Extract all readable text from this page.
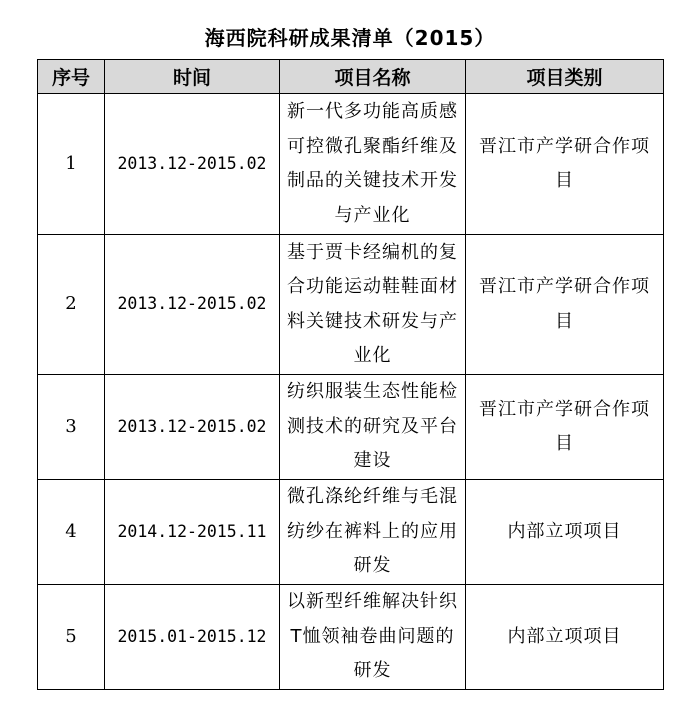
海西院科研成果清单（2015）
序号	时间	项目名称	项目类别
1	2013.12-2015.02	新一代多功能高质感可控微孔聚酯纤维及制品的关键技术开发与产业化	晋江市产学研合作项目
2	2013.12-2015.02	基于贾卡经编机的复合功能运动鞋鞋面材料关键技术研发与产业化	晋江市产学研合作项目
3	2013.12-2015.02	纺织服装生态性能检测技术的研究及平台建设	晋江市产学研合作项目
4	2014.12-2015.11	微孔涤纶纤维与毛混纺纱在裤料上的应用研发	内部立项项目
5	2015.01-2015.12	以新型纤维解决针织T恤领袖卷曲问题的研发	内部立项项目
